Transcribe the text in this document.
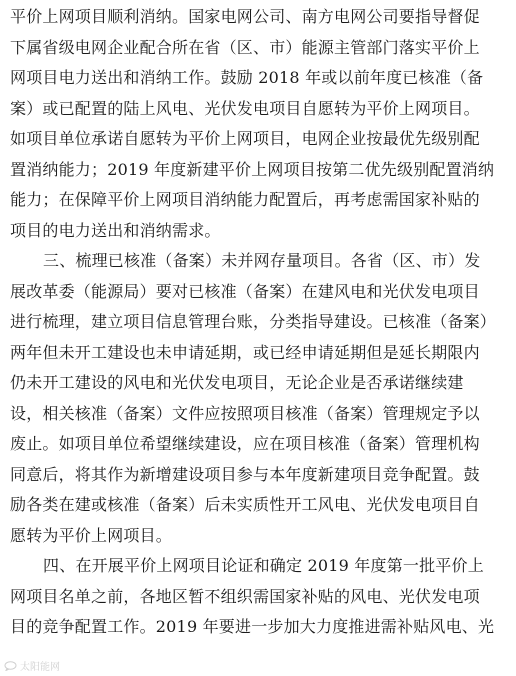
平价上网项目顺利消纳。国家电网公司、南方电网公司要指导督促
下属省级电网企业配合所在省（区、市）能源主管部门落实平价上
网项目电力送出和消纳工作。鼓励 2018 年或以前年度已核准（备
案）或已配置的陆上风电、光伏发电项目自愿转为平价上网项目。
如项目单位承诺自愿转为平价上网项目，电网企业按最优先级别配
置消纳能力；2019 年度新建平价上网项目按第二优先级别配置消纳
能力；在保障平价上网项目消纳能力配置后，再考虑需国家补贴的
项目的电力送出和消纳需求。
三、梳理已核准（备案）未并网存量项目。各省（区、市）发
展改革委（能源局）要对已核准（备案）在建风电和光伏发电项目
进行梳理，建立项目信息管理台账，分类指导建设。已核准（备案）
两年但未开工建设也未申请延期，或已经申请延期但是延长期限内
仍未开工建设的风电和光伏发电项目，无论企业是否承诺继续建
设，相关核准（备案）文件应按照项目核准（备案）管理规定予以
废止。如项目单位希望继续建设，应在项目核准（备案）管理机构
同意后，将其作为新增建设项目参与本年度新建项目竞争配置。鼓
励各类在建或核准（备案）后未实质性开工风电、光伏发电项目自
愿转为平价上网项目。
四、在开展平价上网项目论证和确定 2019 年度第一批平价上
网项目名单之前，各地区暂不组织需国家补贴的风电、光伏发电项
目的竞争配置工作。2019 年要进一步加大力度推进需补贴风电、光
太阳能网
